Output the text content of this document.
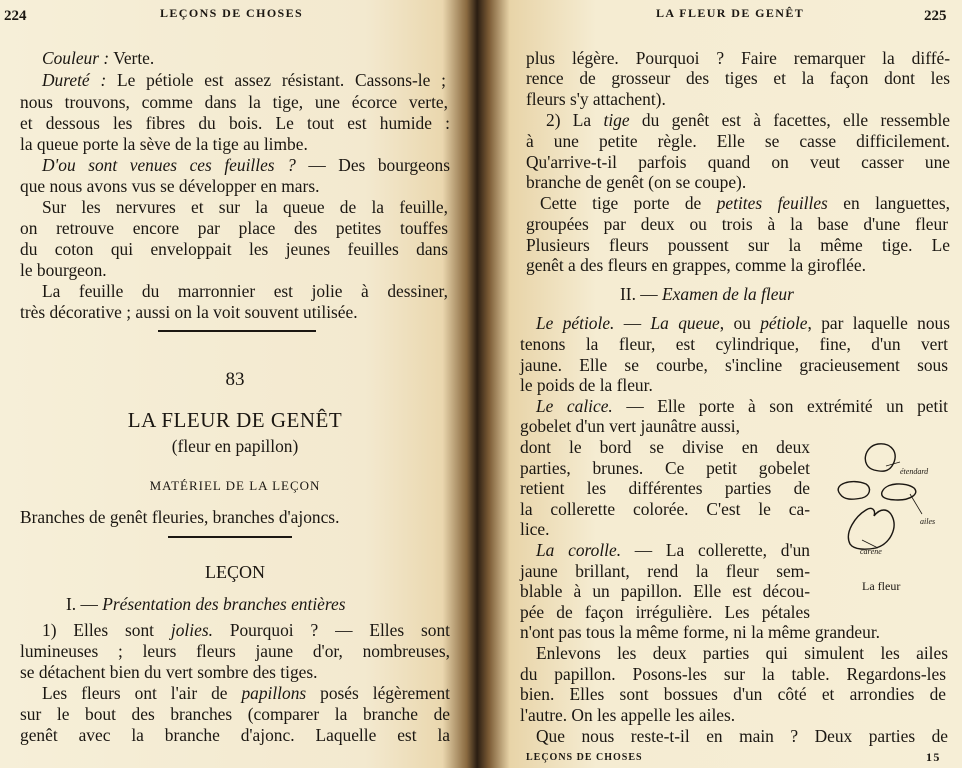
224	LEÇONS DE CHOSES
Couleur : Verte.
Dureté : Le pétiole est assez résistant. Cassons-le ;
nous trouvons, comme dans la tige, une écorce verte,
et dessous les fibres du bois. Le tout est humide :
la queue porte la sève de la tige au limbe.
D'ou sont venues ces feuilles ? — Des bourgeons
que nous avons vus se développer en mars.
Sur les nervures et sur la queue de la feuille,
on retrouve encore par place des petites touffes
du coton qui enveloppait les jeunes feuilles dans
le bourgeon.
La feuille du marronnier est jolie à dessiner,
très décorative ; aussi on la voit souvent utilisée.
83
LA FLEUR DE GENÊT
(fleur en papillon)
MATÉRIEL DE LA LEÇON
Branches de genêt fleuries, branches d'ajoncs.
LEÇON
I. — Présentation des branches entières
1) Elles sont jolies. Pourquoi ? — Elles sont
lumineuses ; leurs fleurs jaune d'or, nombreuses,
se détachent bien du vert sombre des tiges.
Les fleurs ont l'air de papillons posés légèrement
sur le bout des branches (comparer la branche de
genêt avec la branche d'ajonc. Laquelle est la
LA FLEUR DE GENÊT	225
plus légère. Pourquoi ? Faire remarquer la diffé-
rence de grosseur des tiges et la façon dont les
fleurs s'y attachent).
2) La tige du genêt est à facettes, elle ressemble
à une petite règle. Elle se casse difficilement.
Qu'arrive-t-il parfois quand on veut casser une
branche de genêt (on se coupe).
Cette tige porte de petites feuilles en languettes,
groupées par deux ou trois à la base d'une fleur
Plusieurs fleurs poussent sur la même tige. Le
genêt a des fleurs en grappes, comme la giroflée.
II. — Examen de la fleur
Le pétiole. — La queue, ou pétiole, par laquelle nous
tenons la fleur, est cylindrique, fine, d'un vert
jaune. Elle se courbe, s'incline gracieusement sous
le poids de la fleur.
Le calice. — Elle porte à son extrémité un petit
gobelet d'un vert jaunâtre aussi,
dont le bord se divise en deux
parties, brunes. Ce petit gobelet
retient les différentes parties de
la collerette colorée. C'est le ca-
lice.
La corolle. — La collerette, d'un
jaune brillant, rend la fleur sem-
blable à un papillon. Elle est décou-
pée de façon irrégulière. Les pétales
n'ont pas tous la même forme, ni la même grandeur.
Enlevons les deux parties qui simulent les ailes
du papillon. Posons-les sur la table. Regardons-les
bien. Elles sont bossues d'un côté et arrondies de
l'autre. On les appelle les ailes.
Que nous reste-t-il en main ? Deux parties de
étendard
ailes
carène
La fleur
LEÇONS DE CHOSES	15
